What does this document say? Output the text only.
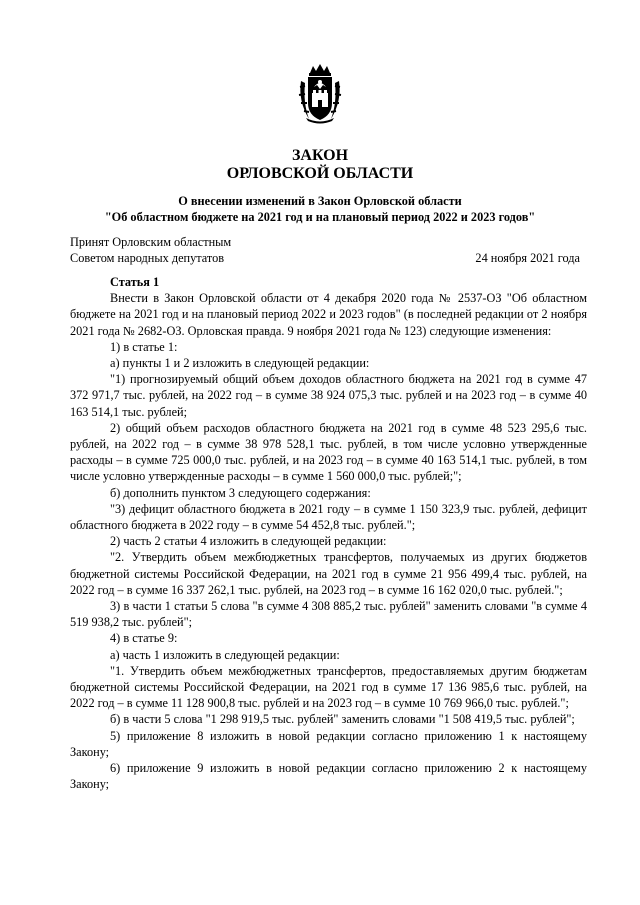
ЗАКОН
ОРЛОВСКОЙ ОБЛАСТИ
О внесении изменений в Закон Орловской области
"Об областном бюджете на 2021 год и на плановый период 2022 и 2023 годов"
Принят Орловским областным
Советом народных депутатов	24 ноября 2021 года

Статья 1

Внести в Закон Орловской области от 4 декабря 2020 года № 2537-ОЗ "Об областном бюджете на 2021 год и на плановый период 2022 и 2023 годов" (в последней редакции от 2 ноября 2021 года № 2682-ОЗ. Орловская правда. 9 ноября 2021 года № 123) следующие изменения:

1) в статье 1:

а) пункты 1 и 2 изложить в следующей редакции:

"1) прогнозируемый общий объем доходов областного бюджета на 2021 год в сумме 47 372 971,7 тыс. рублей, на 2022 год – в сумме 38 924 075,3 тыс. рублей и на 2023 год – в сумме 40 163 514,1 тыс. рублей;

2) общий объем расходов областного бюджета на 2021 год в сумме 48 523 295,6 тыс. рублей, на 2022 год – в сумме 38 978 528,1 тыс. рублей, в том числе условно утвержденные расходы – в сумме 725 000,0 тыс. рублей, и на 2023 год – в сумме 40 163 514,1 тыс. рублей, в том числе условно утвержденные расходы – в сумме 1 560 000,0 тыс. рублей;";

б) дополнить пунктом 3 следующего содержания:

"3) дефицит областного бюджета в 2021 году – в сумме 1 150 323,9 тыс. рублей, дефицит областного бюджета в 2022 году – в сумме 54 452,8 тыс. рублей.";

2) часть 2 статьи 4 изложить в следующей редакции:

"2. Утвердить объем межбюджетных трансфертов, получаемых из других бюджетов бюджетной системы Российской Федерации, на 2021 год в сумме 21 956 499,4 тыс. рублей, на 2022 год – в сумме 16 337 262,1 тыс. рублей, на 2023 год – в сумме 16 162 020,0 тыс. рублей.";

3) в части 1 статьи 5 слова "в сумме 4 308 885,2 тыс. рублей" заменить словами "в сумме 4 519 938,2 тыс. рублей";

4) в статье 9:

а) часть 1 изложить в следующей редакции:

"1. Утвердить объем межбюджетных трансфертов, предоставляемых другим бюджетам бюджетной системы Российской Федерации, на 2021 год в сумме 17 136 985,6 тыс. рублей, на 2022 год – в сумме 11 128 900,8 тыс. рублей и на 2023 год – в сумме 10 769 966,0 тыс. рублей.";

б) в части 5 слова "1 298 919,5 тыс. рублей" заменить словами "1 508 419,5 тыс. рублей";

5) приложение 8 изложить в новой редакции согласно приложению 1 к настоящему Закону;

6) приложение 9 изложить в новой редакции согласно приложению 2 к настоящему Закону;
